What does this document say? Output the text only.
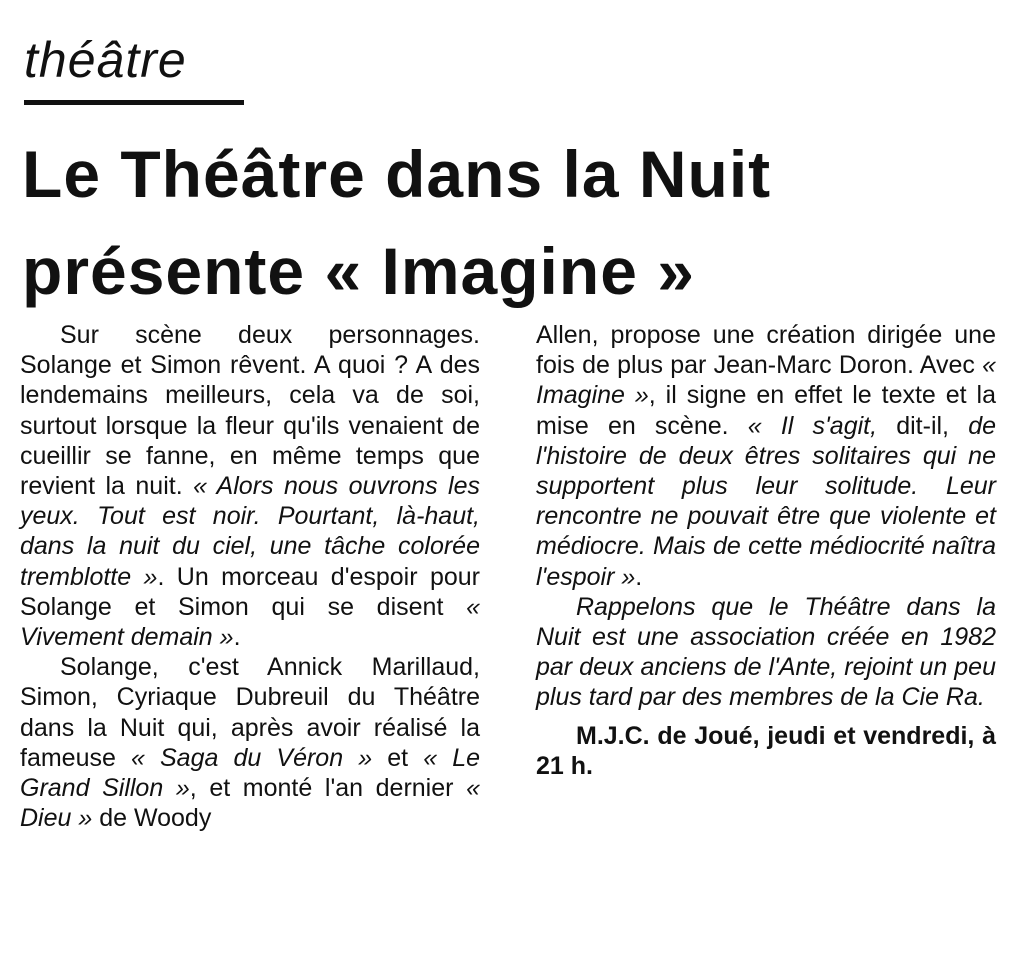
théâtre
Le Théâtre dans la Nuit
présente « Imagine »

Sur scène deux personnages. Solange et Simon rêvent. A quoi ? A des lendemains meilleurs, cela va de soi, surtout lorsque la fleur qu'ils venaient de cueillir se fanne, en même temps que revient la nuit. « Alors nous ouvrons les yeux. Tout est noir. Pourtant, là-haut, dans la nuit du ciel, une tâche colorée tremblotte ». Un morceau d'espoir pour Solange et Simon qui se disent « Vivement demain ».

Solange, c'est Annick Marillaud, Simon, Cyriaque Dubreuil du Théâtre dans la Nuit qui, après avoir réalisé la fameuse « Saga du Véron » et « Le Grand Sillon », et monté l'an dernier « Dieu » de Woody

Allen, propose une création dirigée une fois de plus par Jean-Marc Doron. Avec « Imagine », il signe en effet le texte et la mise en scène. « Il s'agit, dit-il, de l'histoire de deux êtres solitaires qui ne supportent plus leur solitude. Leur rencontre ne pouvait être que violente et médiocre. Mais de cette médiocrité naîtra l'espoir ».

Rappelons que le Théâtre dans la Nuit est une association créée en 1982 par deux anciens de l'Ante, rejoint un peu plus tard par des membres de la Cie Ra.

M.J.C. de Joué, jeudi et vendredi, à 21 h.
